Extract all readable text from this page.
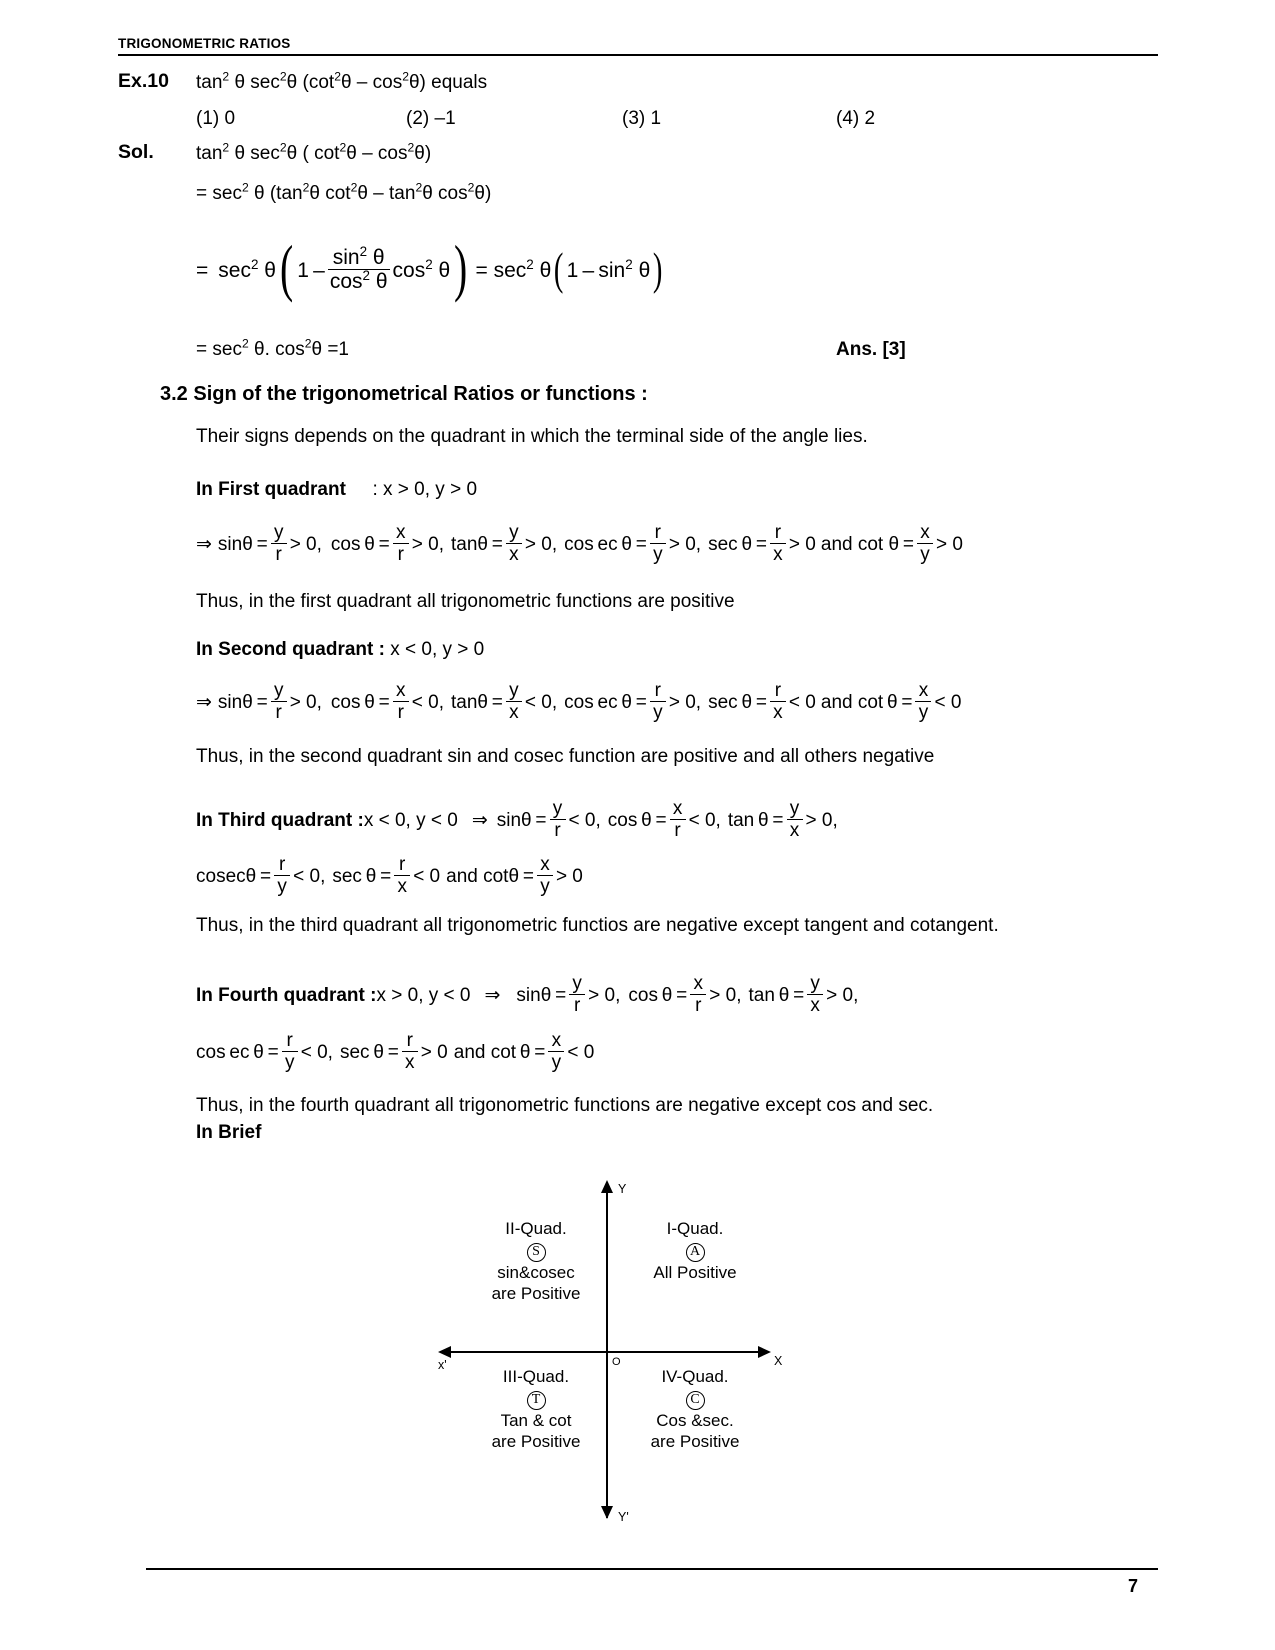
TRIGONOMETRIC RATIOS
Ex.10 $\tan^2 \theta$ $\sec^2\theta$ $(\cot^2\theta - \cos^2\theta)$ equals
(1) 0	(2) –1	(3) 1	(4) 2
Sol. $\tan^2 \theta$ $\sec^2\theta$ ( $\cot^2\theta - \cos^2\theta$)
= $\sec^2 \theta$ ($\tan^2\theta$ $\cot^2\theta - \tan^2\theta$ $\cos^2\theta$)
= $\sec^2 \theta$ ( $1 - \frac{\sin^2 \theta}{\cos^2 \theta} \cos^2 \theta$ ) = $\sec^2 \theta$ ( $1 - \sin^2 \theta$ )
= $\sec^2 \theta$. $\cos^2\theta =1$	Ans. [3]
3.2 Sign of the trigonometrical Ratios or functions :
Their signs depends on the quadrant in which the terminal side of the angle lies.
In First quadrant : x > 0, y > 0
⇒ $\sin\theta = \frac{y}{r} > 0$, $\cos \theta = \frac{x}{r} > 0$ , $\tan\theta = \frac{y}{x} > 0$ , cos ec $\theta = \frac{r}{y} > 0$ , $\sec \theta = \frac{r}{x} > 0$ and $\cot \theta = \frac{x}{y} > 0$
Thus, in the first quadrant all trigonometric functions are positive
In Second quadrant : x < 0, y > 0
⇒ $\sin\theta = \frac{y}{r} > 0$, $\cos \theta = \frac{x}{r} < 0$, $\tan\theta = \frac{y}{x} < 0$ , cos ec $\theta = \frac{r}{y} > 0$, $\sec \theta = \frac{r}{x} < 0$ and $\cot \theta = \frac{x}{y} < 0$
Thus, in the second quadrant sin and cosec function are positive and all others negative
In Third quadrant : x < 0, y < 0 ⇒ $\sin\theta = \frac{y}{r} < 0$ , $\cos \theta = \frac{x}{r} < 0$ , $\tan \theta = \frac{y}{x} > 0$ ,
$cosec\theta = \frac{r}{y} < 0$ , $\sec \theta = \frac{r}{x} < 0$ and $\cot\theta = \frac{x}{y} > 0$
Thus, in the third quadrant all trigonometric functios are negative except tangent and cotangent.
In Fourth quadrant : x > 0, y < 0 ⇒ $\sin\theta = \frac{y}{r} > 0$, $\cos \theta = \frac{x}{r} > 0$ , $\tan \theta = \frac{y}{x} > 0$ ,
cos ec $\theta = \frac{r}{y} < 0$ , $\sec \theta = \frac{r}{x} > 0$ and $\cot \theta = \frac{x}{y} < 0$
Thus, in the fourth quadrant all trigonometric functions are negative except cos and sec.
In Brief
Y
Y'
X
x'	O
II-Quad.
S
sin&cosec
are Positive
I-Quad.
A
All Positive
III-Quad.
T
Tan & cot
are Positive
IV-Quad.
C
Cos &sec.
are Positive
7
